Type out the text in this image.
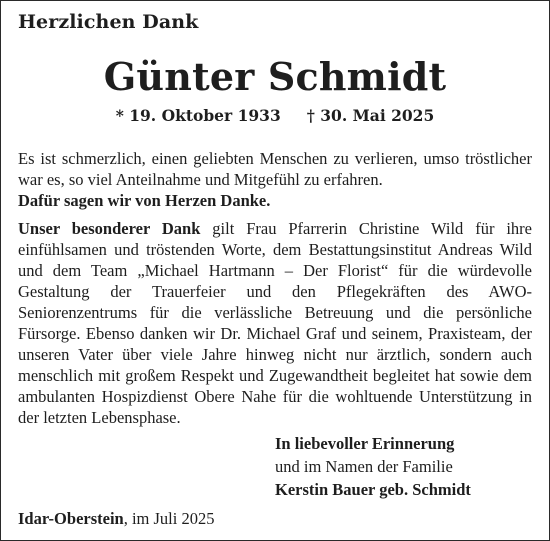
Herzlichen Dank
Günter Schmidt
* 19. Oktober 1933 † 30. Mai 2025
Es ist schmerzlich, einen geliebten Menschen zu verlieren, umso tröstlicher war es, so viel Anteilnahme und Mitgefühl zu erfahren.
Dafür sagen wir von Herzen Danke.
Unser besonderer Dank gilt Frau Pfarrerin Christine Wild für ihre einfühlsamen und tröstenden Worte, dem Bestattungsinstitut Andreas Wild und dem Team „Michael Hartmann – Der Florist“ für die würdevolle Gestaltung der Trauerfeier und den Pflegekräften des AWO-Seniorenzentrums für die verlässliche Betreuung und die persönliche Fürsorge. Ebenso danken wir Dr. Michael Graf und seinem, Praxisteam, der unseren Vater über viele Jahre hinweg nicht nur ärztlich, sondern auch menschlich mit großem Respekt und Zugewandtheit begleitet hat sowie dem ambulanten Hospizdienst Obere Nahe für die wohltuende Unterstützung in der letzten Lebensphase.
In liebevoller Erinnerung
und im Namen der Familie
Kerstin Bauer geb. Schmidt
Idar-Oberstein, im Juli 2025
